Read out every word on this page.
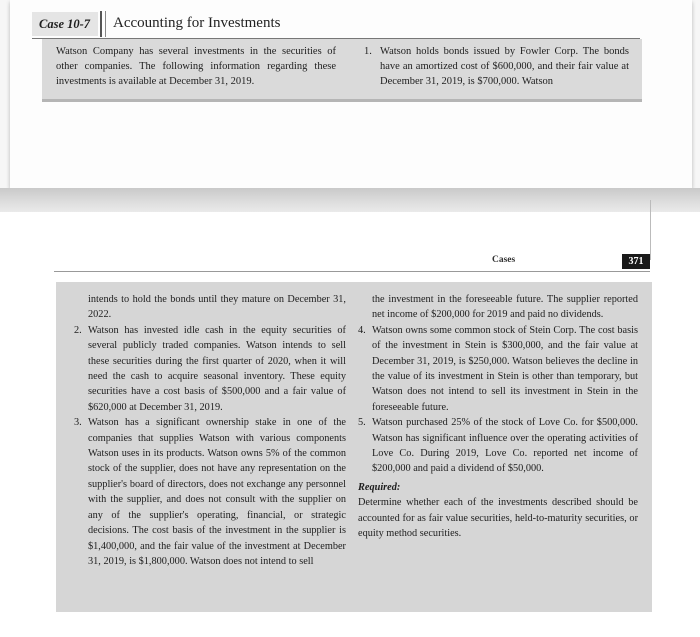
Case 10-7	Accounting for Investments
Watson Company has several investments in the securities of other companies. The following information regarding these investments is available at December 31, 2019.
1. Watson holds bonds issued by Fowler Corp. The bonds have an amortized cost of $600,000, and their fair value at December 31, 2019, is $700,000. Watson
Cases	371
intends to hold the bonds until they mature on December 31, 2022.
2. Watson has invested idle cash in the equity securities of several publicly traded companies. Watson intends to sell these securities during the first quarter of 2020, when it will need the cash to acquire seasonal inventory. These equity securities have a cost basis of $500,000 and a fair value of $620,000 at December 31, 2019.
3. Watson has a significant ownership stake in one of the companies that supplies Watson with various components Watson uses in its products. Watson owns 5% of the common stock of the supplier, does not have any representation on the supplier's board of directors, does not exchange any personnel with the supplier, and does not consult with the supplier on any of the supplier's operating, financial, or strategic decisions. The cost basis of the investment in the supplier is $1,400,000, and the fair value of the investment at December 31, 2019, is $1,800,000. Watson does not intend to sell
the investment in the foreseeable future. The supplier reported net income of $200,000 for 2019 and paid no dividends.
4. Watson owns some common stock of Stein Corp. The cost basis of the investment in Stein is $300,000, and the fair value at December 31, 2019, is $250,000. Watson believes the decline in the value of its investment in Stein is other than temporary, but Watson does not intend to sell its investment in Stein in the foreseeable future.
5. Watson purchased 25% of the stock of Love Co. for $500,000. Watson has significant influence over the operating activities of Love Co. During 2019, Love Co. reported net income of $200,000 and paid a dividend of $50,000.
Required:
Determine whether each of the investments described should be accounted for as fair value securities, held-to-maturity securities, or equity method securities.
